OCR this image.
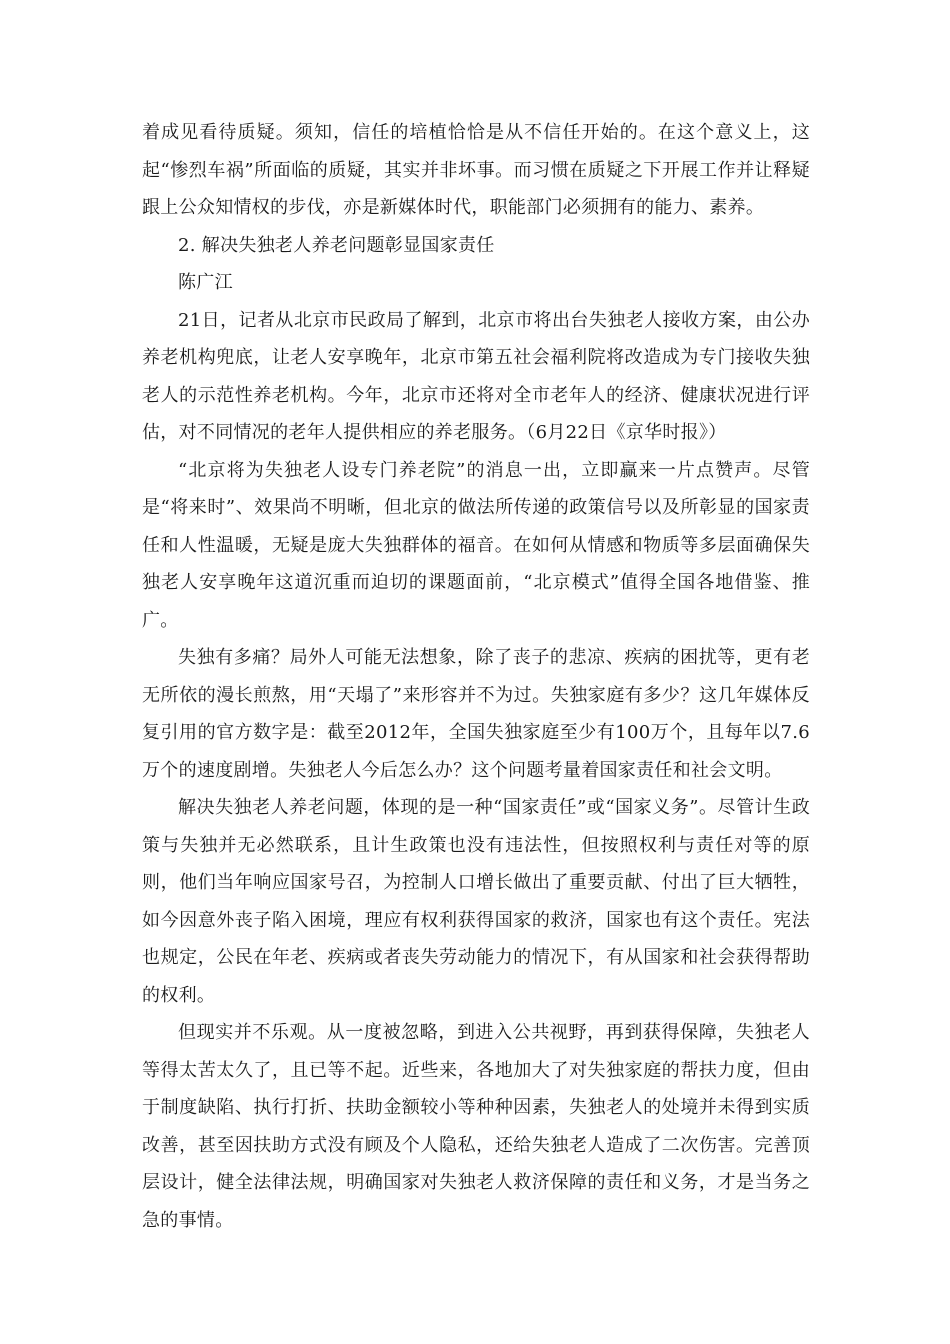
着成见看待质疑。须知，信任的培植恰恰是从不信任开始的。在这个意义上，这起“惨烈车祸”所面临的质疑，其实并非坏事。而习惯在质疑之下开展工作并让释疑跟上公众知情权的步伐，亦是新媒体时代，职能部门必须拥有的能力、素养。

2. 解决失独老人养老问题彰显国家责任

陈广江

21日，记者从北京市民政局了解到，北京市将出台失独老人接收方案，由公办养老机构兜底，让老人安享晚年，北京市第五社会福利院将改造成为专门接收失独老人的示范性养老机构。今年，北京市还将对全市老年人的经济、健康状况进行评估，对不同情况的老年人提供相应的养老服务。（6月22日《京华时报》）

“北京将为失独老人设专门养老院”的消息一出，立即赢来一片点赞声。尽管是“将来时”、效果尚不明晰，但北京的做法所传递的政策信号以及所彰显的国家责任和人性温暖，无疑是庞大失独群体的福音。在如何从情感和物质等多层面确保失独老人安享晚年这道沉重而迫切的课题面前，“北京模式”值得全国各地借鉴、推广。

失独有多痛？局外人可能无法想象，除了丧子的悲凉、疾病的困扰等，更有老无所依的漫长煎熬，用“天塌了”来形容并不为过。失独家庭有多少？这几年媒体反复引用的官方数字是：截至2012年，全国失独家庭至少有100万个，且每年以7.6万个的速度剧增。失独老人今后怎么办？这个问题考量着国家责任和社会文明。

解决失独老人养老问题，体现的是一种“国家责任”或“国家义务”。尽管计生政策与失独并无必然联系，且计生政策也没有违法性，但按照权利与责任对等的原则，他们当年响应国家号召，为控制人口增长做出了重要贡献、付出了巨大牺牲，如今因意外丧子陷入困境，理应有权利获得国家的救济，国家也有这个责任。宪法也规定，公民在年老、疾病或者丧失劳动能力的情况下，有从国家和社会获得帮助的权利。

但现实并不乐观。从一度被忽略，到进入公共视野，再到获得保障，失独老人等得太苦太久了，且已等不起。近些来，各地加大了对失独家庭的帮扶力度，但由于制度缺陷、执行打折、扶助金额较小等种种因素，失独老人的处境并未得到实质改善，甚至因扶助方式没有顾及个人隐私，还给失独老人造成了二次伤害。完善顶层设计，健全法律法规，明确国家对失独老人救济保障的责任和义务，才是当务之急的事情。
